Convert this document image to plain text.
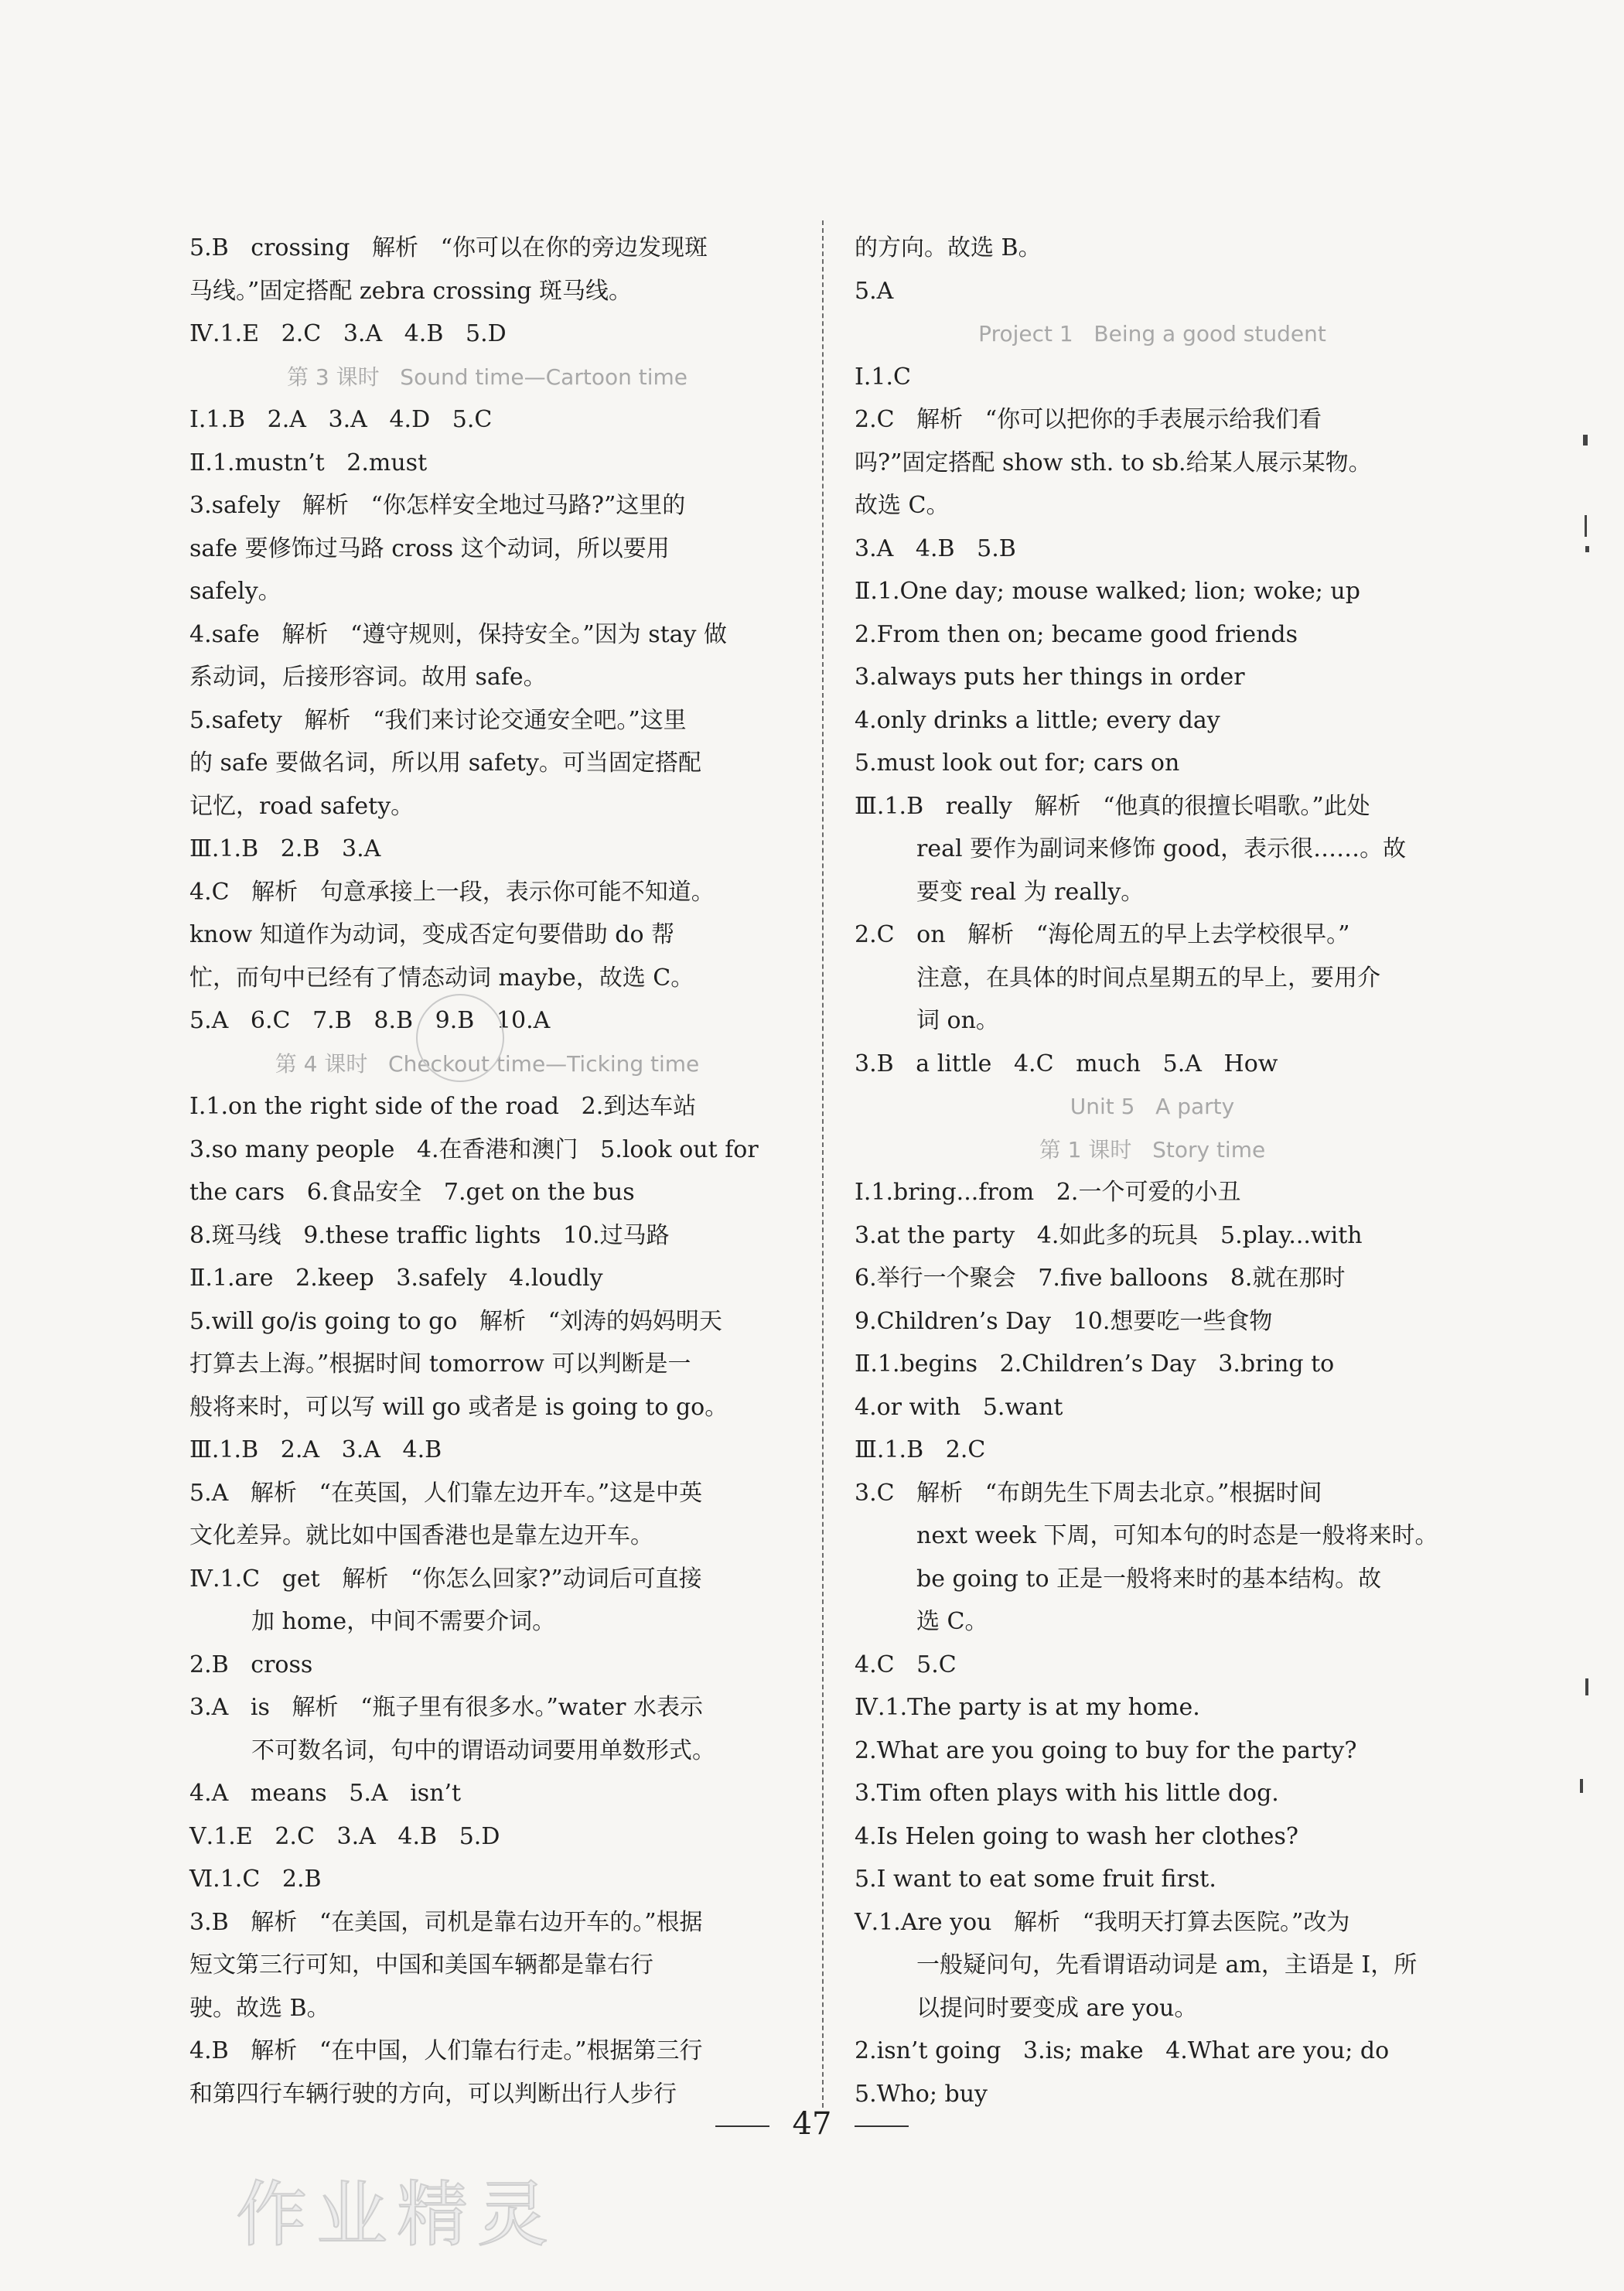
5.B   crossing   解析   “你可以在你的旁边发现斑
马线。”固定搭配 zebra crossing 斑马线。
Ⅳ.1.E   2.C   3.A   4.B   5.D
第 3 课时   Sound time—Cartoon time
Ⅰ.1.B   2.A   3.A   4.D   5.C
Ⅱ.1.mustn’t   2.must
3.safely   解析   “你怎样安全地过马路?”这里的
safe 要修饰过马路 cross 这个动词，所以要用
safely。
4.safe   解析   “遵守规则，保持安全。”因为 stay 做
系动词，后接形容词。故用 safe。
5.safety   解析   “我们来讨论交通安全吧。”这里
的 safe 要做名词，所以用 safety。可当固定搭配
记忆，road safety。
Ⅲ.1.B   2.B   3.A
4.C   解析   句意承接上一段，表示你可能不知道。
know 知道作为动词，变成否定句要借助 do 帮
忙，而句中已经有了情态动词 maybe，故选 C。
5.A   6.C   7.B   8.B   9.B   10.A
第 4 课时   Checkout time—Ticking time
Ⅰ.1.on the right side of the road   2.到达车站
3.so many people   4.在香港和澳门   5.look out for
the cars   6.食品安全   7.get on the bus
8.斑马线   9.these traffic lights   10.过马路
Ⅱ.1.are   2.keep   3.safely   4.loudly
5.will go/is going to go   解析   “刘涛的妈妈明天
打算去上海。”根据时间 tomorrow 可以判断是一
般将来时，可以写 will go 或者是 is going to go。
Ⅲ.1.B   2.A   3.A   4.B
5.A   解析   “在英国，人们靠左边开车。”这是中英
文化差异。就比如中国香港也是靠左边开车。
Ⅳ.1.C   get   解析   “你怎么回家?”动词后可直接
加 home，中间不需要介词。
2.B   cross
3.A   is   解析   “瓶子里有很多水。”water 水表示
不可数名词，句中的谓语动词要用单数形式。
4.A   means   5.A   isn’t
Ⅴ.1.E   2.C   3.A   4.B   5.D
Ⅵ.1.C   2.B
3.B   解析   “在美国，司机是靠右边开车的。”根据
短文第三行可知，中国和美国车辆都是靠右行
驶。故选 B。
4.B   解析   “在中国，人们靠右行走。”根据第三行
和第四行车辆行驶的方向，可以判断出行人步行
的方向。故选 B。
5.A
Project 1   Being a good student
Ⅰ.1.C
2.C   解析   “你可以把你的手表展示给我们看
吗?”固定搭配 show sth. to sb.给某人展示某物。
故选 C。
3.A   4.B   5.B
Ⅱ.1.One day; mouse walked; lion; woke; up
2.From then on; became good friends
3.always puts her things in order
4.only drinks a little; every day
5.must look out for; cars on
Ⅲ.1.B   really   解析   “他真的很擅长唱歌。”此处
real 要作为副词来修饰 good，表示很……。故
要变 real 为 really。
2.C   on   解析   “海伦周五的早上去学校很早。”
注意，在具体的时间点星期五的早上，要用介
词 on。
3.B   a little   4.C   much   5.A   How
Unit 5   A party
第 1 课时   Story time
Ⅰ.1.bring...from   2.一个可爱的小丑
3.at the party   4.如此多的玩具   5.play...with
6.举行一个聚会   7.five balloons   8.就在那时
9.Children’s Day   10.想要吃一些食物
Ⅱ.1.begins   2.Children’s Day   3.bring to
4.or with   5.want
Ⅲ.1.B   2.C
3.C   解析   “布朗先生下周去北京。”根据时间
next week 下周，可知本句的时态是一般将来时。
be going to 正是一般将来时的基本结构。故
选 C。
4.C   5.C
Ⅳ.1.The party is at my home.
2.What are you going to buy for the party?
3.Tim often plays with his little dog.
4.Is Helen going to wash her clothes?
5.I want to eat some fruit first.
Ⅴ.1.Are you   解析   “我明天打算去医院。”改为
一般疑问句，先看谓语动词是 am，主语是 I，所
以提问时要变成 are you。
2.isn’t going   3.is; make   4.What are you; do
5.Who; buy
47
作业精灵
